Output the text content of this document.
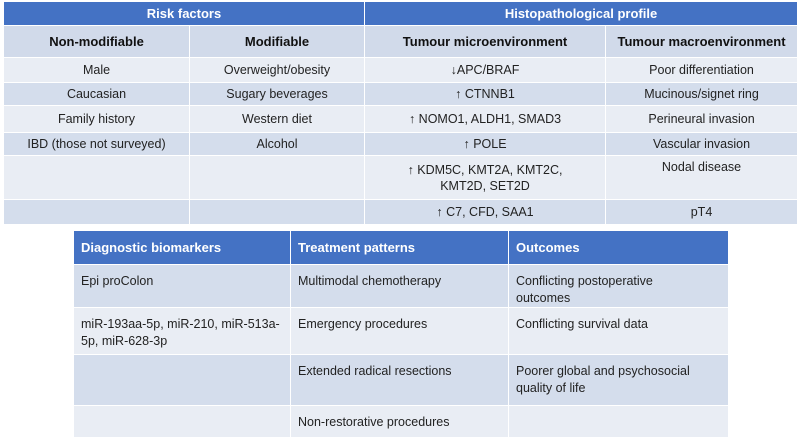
Risk factors		Histopathological profile	
Non-modifiable	Modifiable	Tumour microenvironment	Tumour macroenvironment
Male	Overweight/obesity	↓APC/BRAF	Poor differentiation
Caucasian	Sugary beverages	↑ CTNNB1	Mucinous/signet ring
Family history	Western diet	↑ NOMO1, ALDH1, SMAD3	Perineural invasion
IBD (those not surveyed)	Alcohol	↑ POLE	Vascular invasion
		↑ KDM5C, KMT2A, KMT2C, KMT2D, SET2D	Nodal disease
		↑ C7, CFD, SAA1	pT4
Diagnostic biomarkers	Treatment patterns	Outcomes
Epi proColon	Multimodal chemotherapy	Conflicting postoperative outcomes
miR-193aa-5p, miR-210, miR-513a-5p, miR-628-3p	Emergency procedures	Conflicting survival data
	Extended radical resections	Poorer global and psychosocial quality of life
	Non-restorative procedures	
